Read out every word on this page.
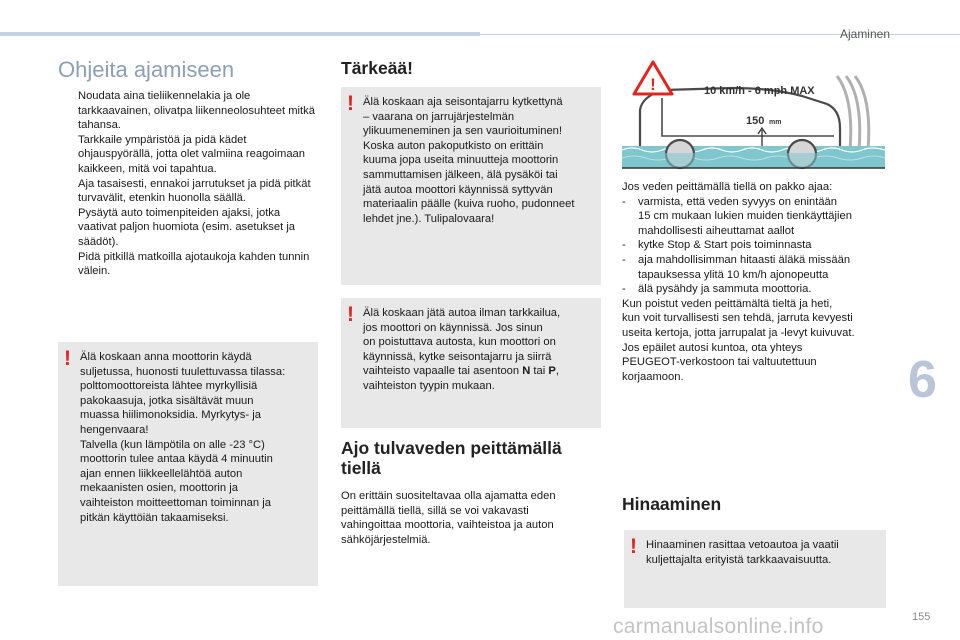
Ajaminen
Ohjeita ajamiseen
Noudata aina tieliikennelakia ja ole tarkkaavainen, olivatpa liikenneolosuhteet mitkä tahansa.
Tarkkaile ympäristöä ja pidä kädet ohjauspyörällä, jotta olet valmiina reagoimaan kaikkeen, mitä voi tapahtua.
Aja tasaisesti, ennakoi jarrutukset ja pidä pitkät turvavälit, etenkin huonolla säällä.
Pysäytä auto toimenpiteiden ajaksi, jotka vaativat paljon huomiota (esim. asetukset ja säädöt).
Pidä pitkillä matkoilla ajotaukoja kahden tunnin välein.
! Älä koskaan anna moottorin käydä
suljetussa, huonosti tuulettuvassa tilassa:
polttomoottoreista lähtee myrkyllisiä
pakokaasuja, jotka sisältävät muun
muassa hiilimonoksidia. Myrkytys- ja
hengenvaara!
Talvella (kun lämpötila on alle -23 °C)
moottorin tulee antaa käydä 4 minuutin
ajan ennen liikkeellelähtöä auton
mekaanisten osien, moottorin ja
vaihteiston moitteettoman toiminnan ja
pitkän käyttöiän takaamiseksi.
Tärkeää!
! Älä koskaan aja seisontajarru kytkettynä
– vaarana on jarrujärjestelmän
ylikuumeneminen ja sen vaurioituminen!
Koska auton pakoputkisto on erittäin
kuuma jopa useita minuutteja moottorin
sammuttamisen jälkeen, älä pysäköi tai
jätä autoa moottori käynnissä syttyvän
materiaalin päälle (kuiva ruoho, pudonneet
lehdet jne.). Tulipalovaara!
! Älä koskaan jätä autoa ilman tarkkailua,
jos moottori on käynnissä. Jos sinun
on poistuttava autosta, kun moottori on
käynnissä, kytke seisontajarru ja siirrä
vaihteisto vapaalle tai asentoon N tai P,
vaihteiston tyypin mukaan.
Ajo tulvaveden peittämällä
tiellä
On erittäin suositeltavaa olla ajamatta eden
peittämällä tiellä, sillä se voi vakavasti
vahingoittaa moottoria, vaihteistoa ja auton
sähköjärjestelmiä.
!	10 km/h - 6 mph MAX
150 mm
Jos veden peittämällä tiellä on pakko ajaa:
- varmista, että veden syvyys on enintään
15 cm mukaan lukien muiden tienkäyttäjien
mahdollisesti aiheuttamat aallot
- kytke Stop & Start pois toiminnasta
- aja mahdollisimman hitaasti äläkä missään
tapauksessa ylitä 10 km/h ajonopeutta
- älä pysähdy ja sammuta moottoria.
Kun poistut veden peittämältä tieltä ja heti,
kun voit turvallisesti sen tehdä, jarruta kevyesti
useita kertoja, jotta jarrupalat ja -levyt kuivuvat.
Jos epäilet autosi kuntoa, ota yhteys
PEUGEOT-verkostoon tai valtuutettuun
korjaamoon.
Hinaaminen
! Hinaaminen rasittaa vetoautoa ja vaatii
kuljettajalta erityistä tarkkaavaisuutta.
6
155
carmanualsonline.info
